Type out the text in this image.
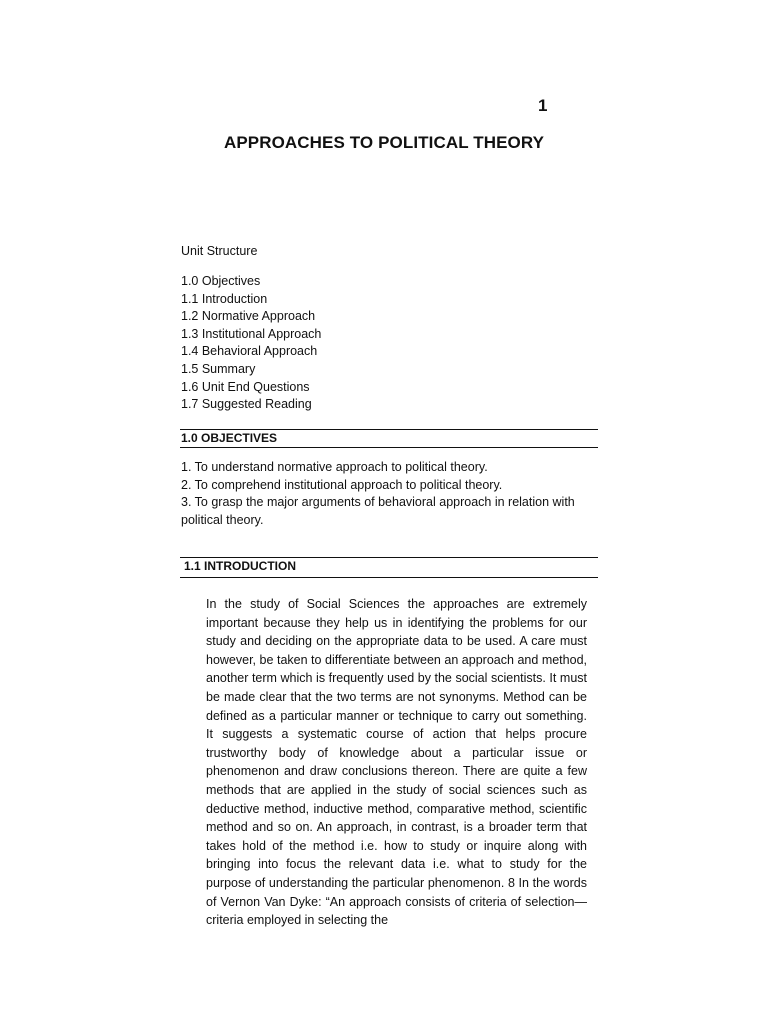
1
APPROACHES TO POLITICAL THEORY
Unit Structure
1.0 Objectives
1.1 Introduction
1.2 Normative Approach
1.3 Institutional Approach
1.4 Behavioral Approach
1.5 Summary
1.6 Unit End Questions
1.7 Suggested Reading
1.0 OBJECTIVES
1. To understand normative approach to political theory.
2. To comprehend institutional approach to political theory.
3. To grasp the major arguments of behavioral approach in relation with political theory.
1.1 INTRODUCTION

In the study of Social Sciences the approaches are extremely important because they help us in identifying the problems for our study and deciding on the appropriate data to be used. A care must however, be taken to differentiate between an approach and method, another term which is frequently used by the social scientists. It must be made clear that the two terms are not synonyms. Method can be defined as a particular manner or technique to carry out something. It suggests a systematic course of action that helps procure trustworthy body of knowledge about a particular issue or phenomenon and draw conclusions thereon. There are quite a few methods that are applied in the study of social sciences such as deductive method, inductive method, comparative method, scientific method and so on. An approach, in contrast, is a broader term that takes hold of the method i.e. how to study or inquire along with bringing into focus the relevant data i.e. what to study for the purpose of understanding the particular phenomenon. 8 In the words of Vernon Van Dyke: “An approach consists of criteria of selection—criteria employed in selecting the
